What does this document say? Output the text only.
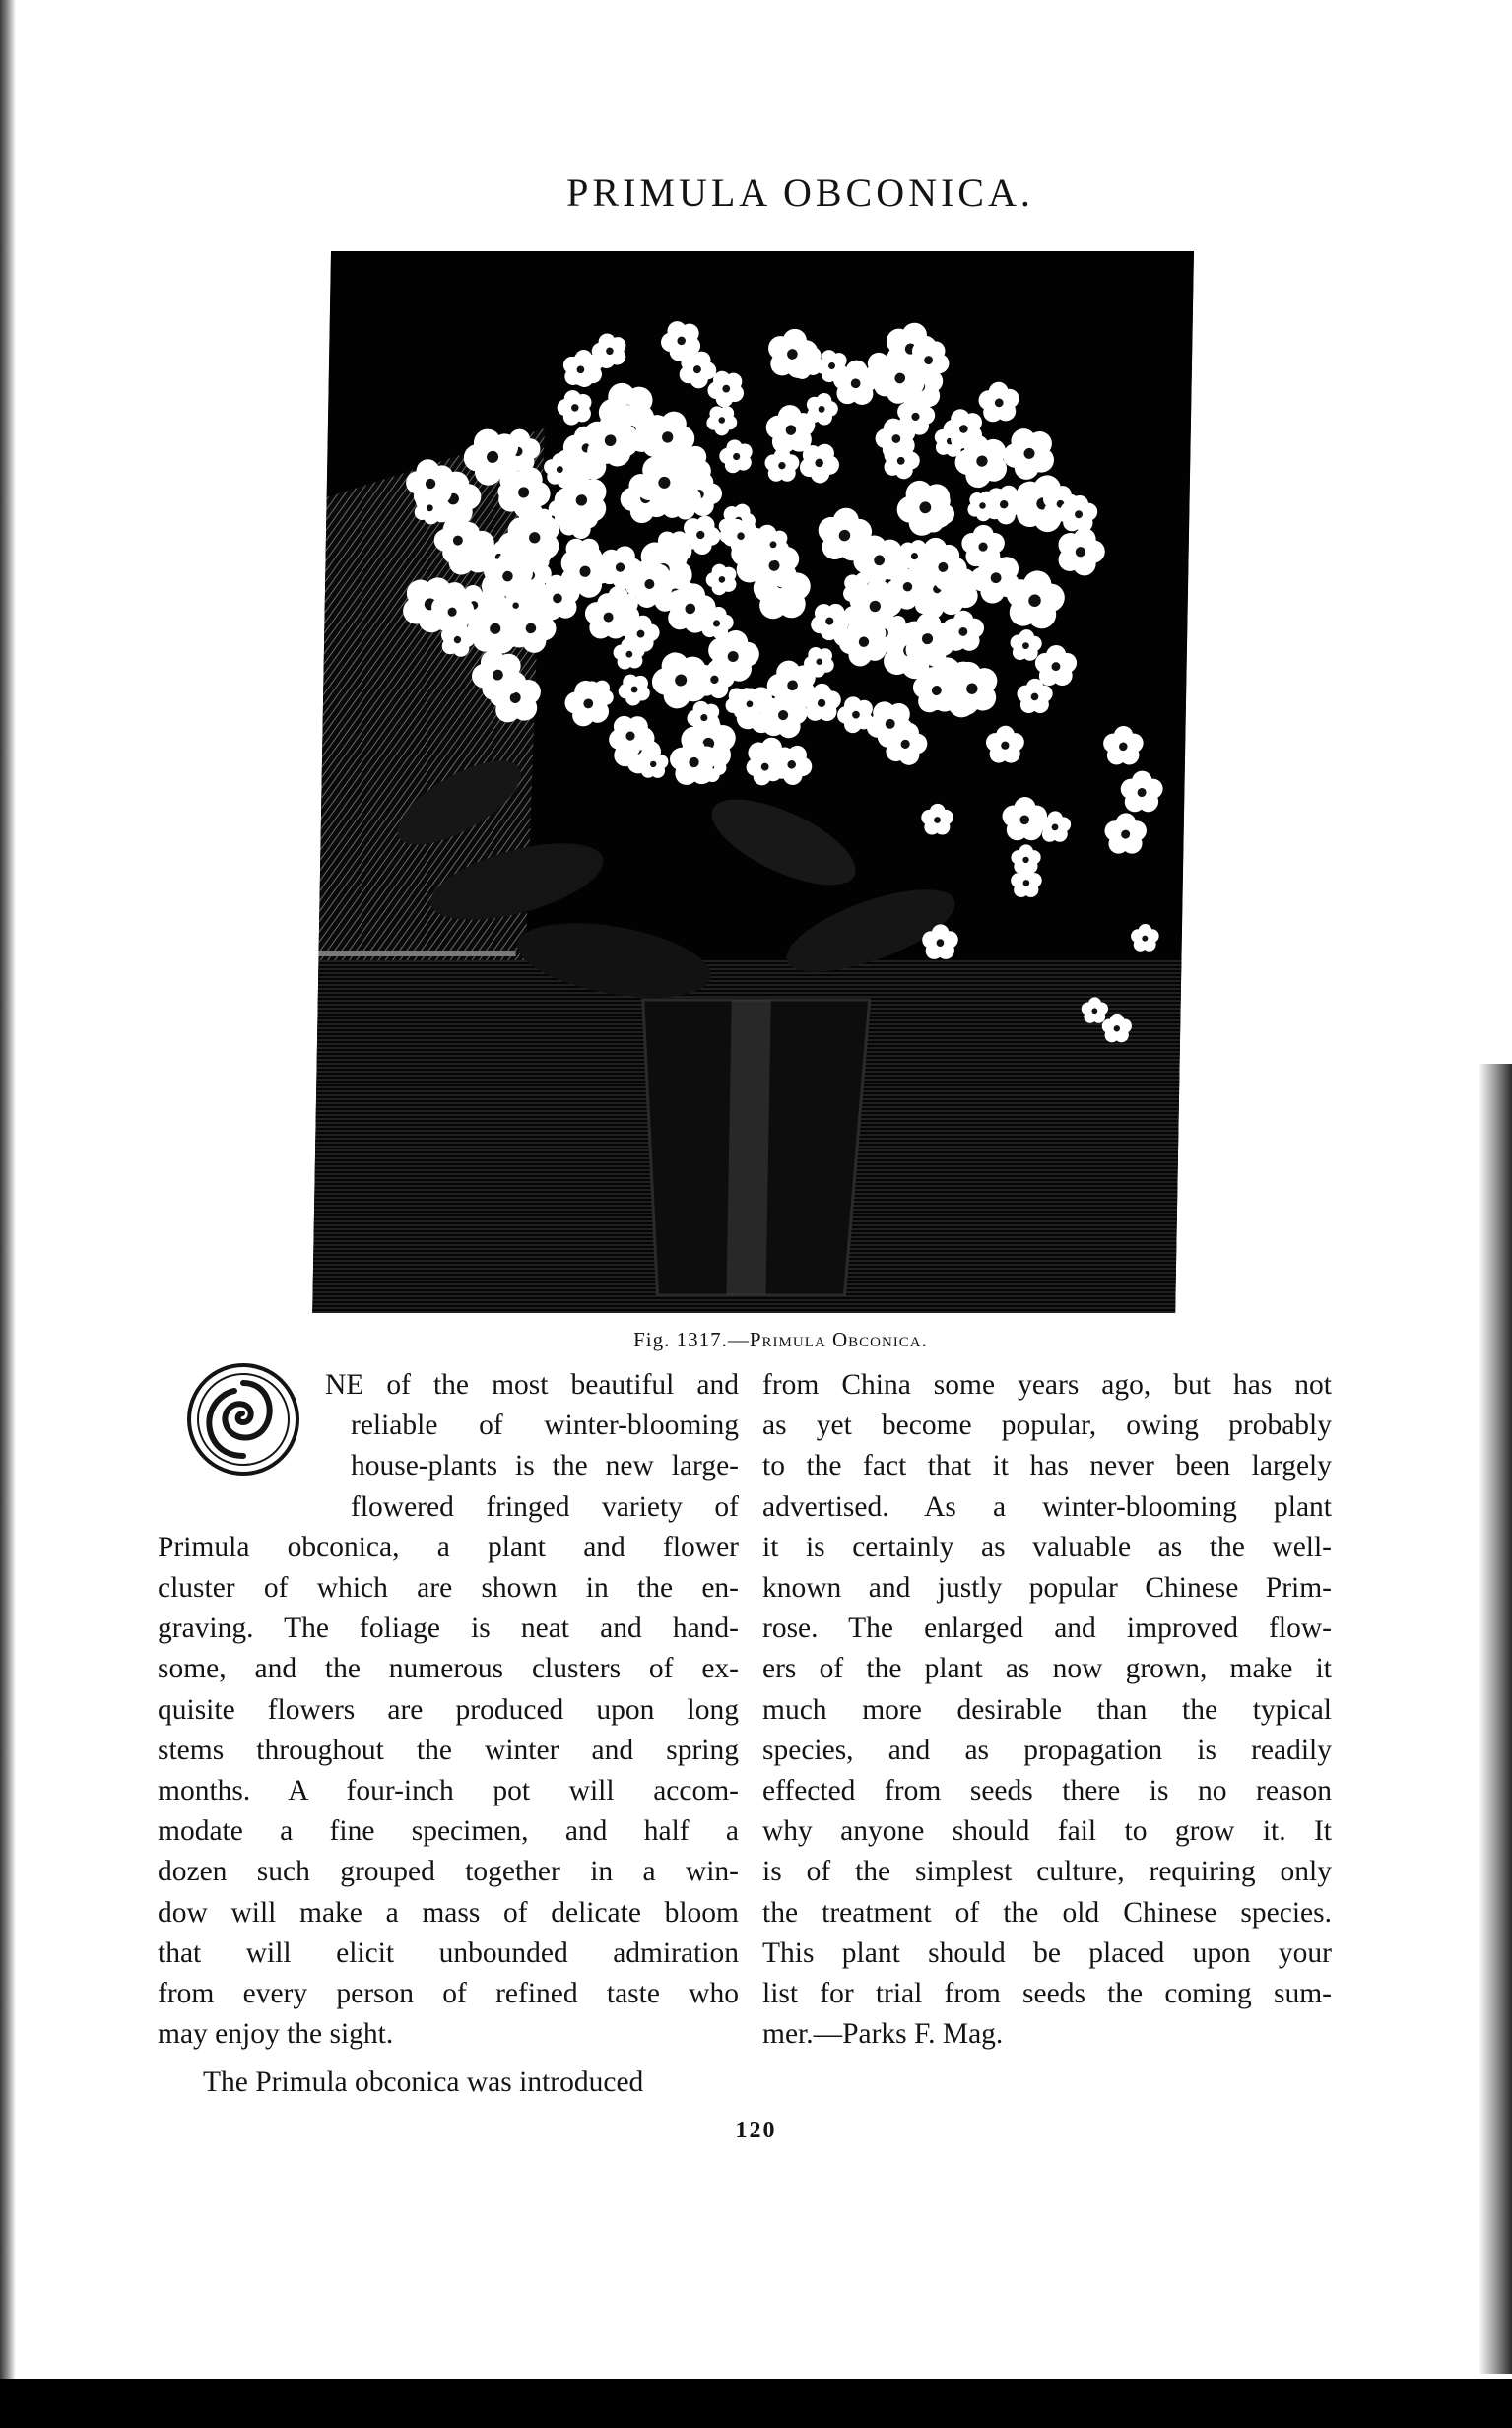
PRIMULA OBCONICA.
Fig. 1317.—Primula Obconica.
NE of the most beautiful and
reliable of winter-blooming
house-plants is the new large-
flowered fringed variety of
Primula obconica, a plant and flower
cluster of which are shown in the en-
graving. The foliage is neat and hand-
some, and the numerous clusters of ex-
quisite flowers are produced upon long
stems throughout the winter and spring
months. A four-inch pot will accom-
modate a fine specimen, and half a
dozen such grouped together in a win-
dow will make a mass of delicate bloom
that will elicit unbounded admiration
from every person of refined taste who
may enjoy the sight.
The Primula obconica was introduced
from China some years ago, but has not
as yet become popular, owing probably
to the fact that it has never been largely
advertised. As a winter-blooming plant
it is certainly as valuable as the well-
known and justly popular Chinese Prim-
rose. The enlarged and improved flow-
ers of the plant as now grown, make it
much more desirable than the typical
species, and as propagation is readily
effected from seeds there is no reason
why anyone should fail to grow it. It
is of the simplest culture, requiring only
the treatment of the old Chinese species.
This plant should be placed upon your
list for trial from seeds the coming sum-
mer.—Parks F. Mag.
120
